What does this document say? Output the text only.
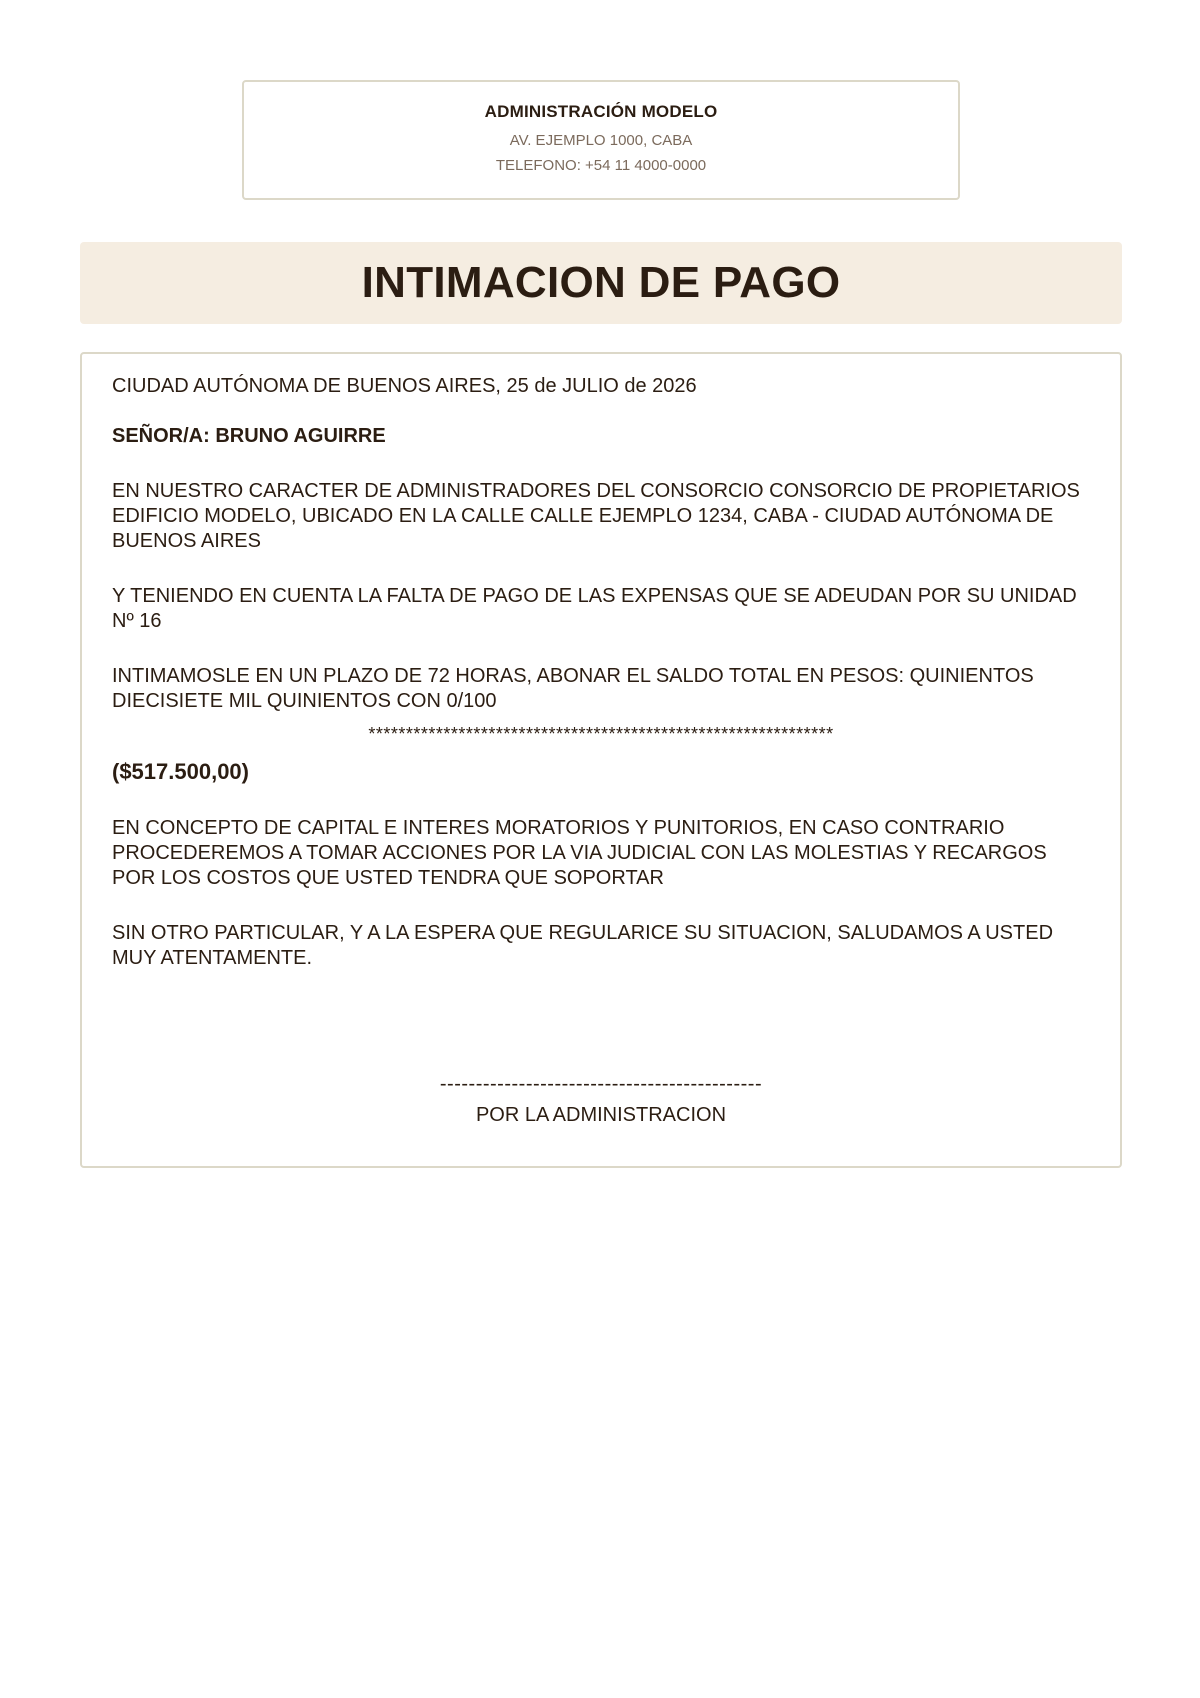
ADMINISTRACIÓN MODELO
AV. EJEMPLO 1000, CABA
TELEFONO: +54 11 4000-0000
INTIMACION DE PAGO

CIUDAD AUTÓNOMA DE BUENOS AIRES, 25 de JULIO de 2026

SEÑOR/A: BRUNO AGUIRRE

EN NUESTRO CARACTER DE ADMINISTRADORES DEL CONSORCIO CONSORCIO DE PROPIETARIOS EDIFICIO MODELO, UBICADO EN LA CALLE CALLE EJEMPLO 1234, CABA - CIUDAD AUTÓNOMA DE BUENOS AIRES

Y TENIENDO EN CUENTA LA FALTA DE PAGO DE LAS EXPENSAS QUE SE ADEUDAN POR SU UNIDAD Nº 16

INTIMAMOSLE EN UN PLAZO DE 72 HORAS, ABONAR EL SALDO TOTAL EN PESOS: QUINIENTOS DIECISIETE MIL QUINIENTOS CON 0/100

**************************************************************
($517.500,00)

EN CONCEPTO DE CAPITAL E INTERES MORATORIOS Y PUNITORIOS, EN CASO CONTRARIO PROCEDEREMOS A TOMAR ACCIONES POR LA VIA JUDICIAL CON LAS MOLESTIAS Y RECARGOS POR LOS COSTOS QUE USTED TENDRA QUE SOPORTAR

SIN OTRO PARTICULAR, Y A LA ESPERA QUE REGULARICE SU SITUACION, SALUDAMOS A USTED MUY ATENTAMENTE.

---------------------------------------------
POR LA ADMINISTRACION
